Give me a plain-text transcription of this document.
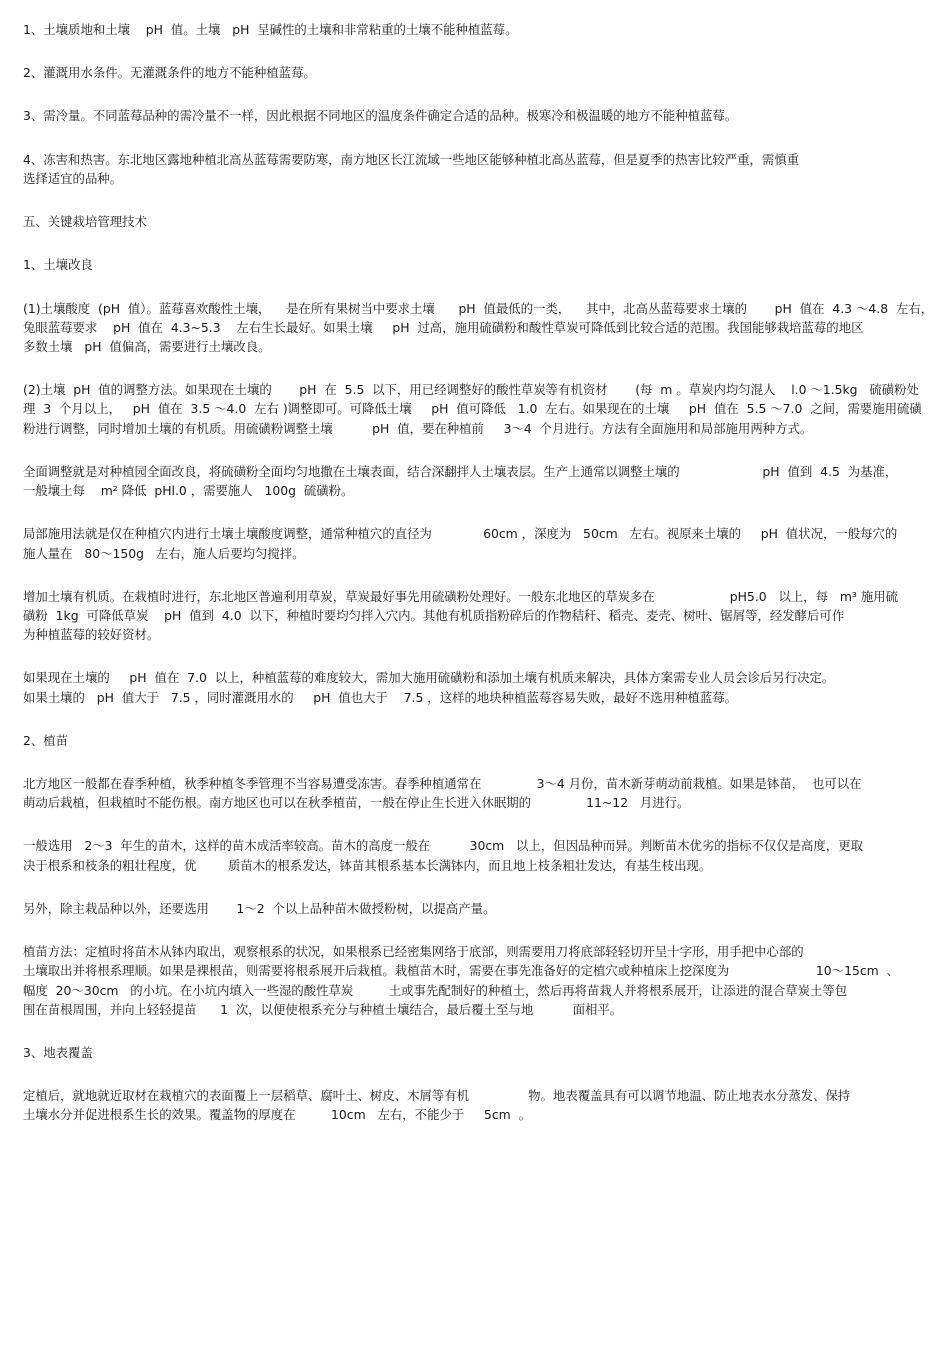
1、土壤质地和土壤    pH  值。土壤   pH  呈碱性的土壤和非常粘重的土壤不能种植蓝莓。

2、灌溉用水条件。无灌溉条件的地方不能种植蓝莓。

3、需冷量。不同蓝莓品种的需冷量不一样，因此根据不同地区的温度条件确定合适的品种。极寒冷和极温暖的地方不能种植蓝莓。

4、冻害和热害。东北地区露地种植北高丛蓝莓需要防寒，南方地区长江流域一些地区能够种植北高丛蓝莓，但是夏季的热害比较严重，需慎重
选择适宜的品种。

五、关键栽培管理技术

1、土壤改良

(1)土壤酸度  (pH  值）。蓝莓喜欢酸性土壤，    是在所有果树当中要求土壤      pH  值最低的一类，    其中，北高丛蓝莓要求土壤的       pH  值在  4.3 ～4.8  左右，
兔眼蓝莓要求    pH  值在  4.3~5.3    左右生长最好。如果土壤     pH  过高，施用硫磺粉和酸性草炭可降低到比较合适的范围。我国能够栽培蓝莓的地区
多数土壤   pH  值偏高，需要进行土壤改良。

(2)土壤  pH  值的调整方法。如果现在土壤的       pH  在  5.5  以下，用已经调整好的酸性草炭等有机资材       (每  m 。草炭内均匀混人    l.0 ～1.5kg   硫磺粉处
理  3  个月以上，   pH  值在  3.5 ～4.0  左右 )调整即可。可降低土壤     pH  值可降低   1.0  左右。如果现在的土壤     pH  值在  5.5 ～7.0  之间，需要施用硫磺
粉进行调整，同时增加土壤的有机质。用硫磺粉调整土壤          pH  值，要在种植前     3～4  个月进行。方法有全面施用和局部施用两种方式。

全面调整就是对种植园全面改良，将硫磺粉全面均匀地撒在土壤表面，结合深翻拌人土壤表层。生产上通常以调整土壤的                     pH  值到  4.5  为基准，
一般壤土每    m² 降低  pHl.0 ，需要施人   100g  硫磺粉。

局部施用法就是仅在种植穴内进行土壤土壤酸度调整，通常种植穴的直径为             60cm ，深度为   50cm   左右。视原来土壤的     pH  值状况，一般每穴的
施人量在   80～150g   左右，施人后要均匀搅拌。

增加土壤有机质。在栽植时进行，东北地区普遍利用草炭，草炭最好事先用硫磺粉处理好。一般东北地区的草炭多在                   pH5.0   以上，每   m³ 施用硫
磺粉  1kg  可降低草炭    pH  值到  4.0  以下，种植时要均匀拌入穴内。其他有机质指粉碎后的作物秸秆、稻壳、麦壳、树叶、锯屑等，经发酵后可作
为种植蓝莓的较好资材。

如果现在土壤的     pH  值在  7.0  以上，种植蓝莓的难度较大，需加大施用硫磺粉和添加土壤有机质来解决，具体方案需专业人员会诊后另行决定。
如果土壤的   pH  值大于   7.5 ，同时灌溉用水的     pH  值也大于    7.5 ，这样的地块种植蓝莓容易失败，最好不选用种植蓝莓。

2、植苗

北方地区一般都在春季种植，秋季种植冬季管理不当容易遭受冻害。春季种植通常在              3～4 月份，苗木新芽萌动前栽植。如果是钵苗，  也可以在
萌动后栽植，但栽植时不能伤根。南方地区也可以在秋季植苗，一般在停止生长进入休眠期的              11~12   月进行。

一般选用   2～3  年生的苗木，这样的苗木成活率较高。苗木的高度一般在          30cm   以上，但因品种而异。判断苗木优劣的指标不仅仅是高度，更取
决于根系和枝条的粗壮程度，优        质苗木的根系发达，钵苗其根系基本长满钵内，而且地上枝条粗壮发达，有基生枝出现。

另外，除主栽品种以外，还要选用       1～2  个以上品种苗木做授粉树，以提高产量。

植苗方法：定植时将苗木从钵内取出，观察根系的状况，如果根系已经密集网络于底部，则需要用刀将底部轻轻切开呈十字形，用手把中心部的
土壤取出并将根系理顺。如果是裸根苗，则需要将根系展开后栽植。栽植苗木时，需要在事先准备好的定植穴或种植床上挖深度为                      10～15cm  、
幅度  20～30cm   的小坑。在小坑内填入一些湿的酸性草炭         土或事先配制好的种植土，然后再将苗栽人并将根系展开，让添进的混合草炭土等包
围在苗根周围，并向上轻轻提苗      1  次，以便使根系充分与种植土壤结合，最后覆土至与地          面相平。

3、地表覆盖

定植后，就地就近取材在栽植穴的表面覆上一层稻草、腐叶土、树皮、木屑等有机               物。地表覆盖具有可以调节地温、防止地表水分蒸发、保持
土壤水分并促进根系生长的效果。覆盖物的厚度在         10cm   左右，不能少于     5cm  。
